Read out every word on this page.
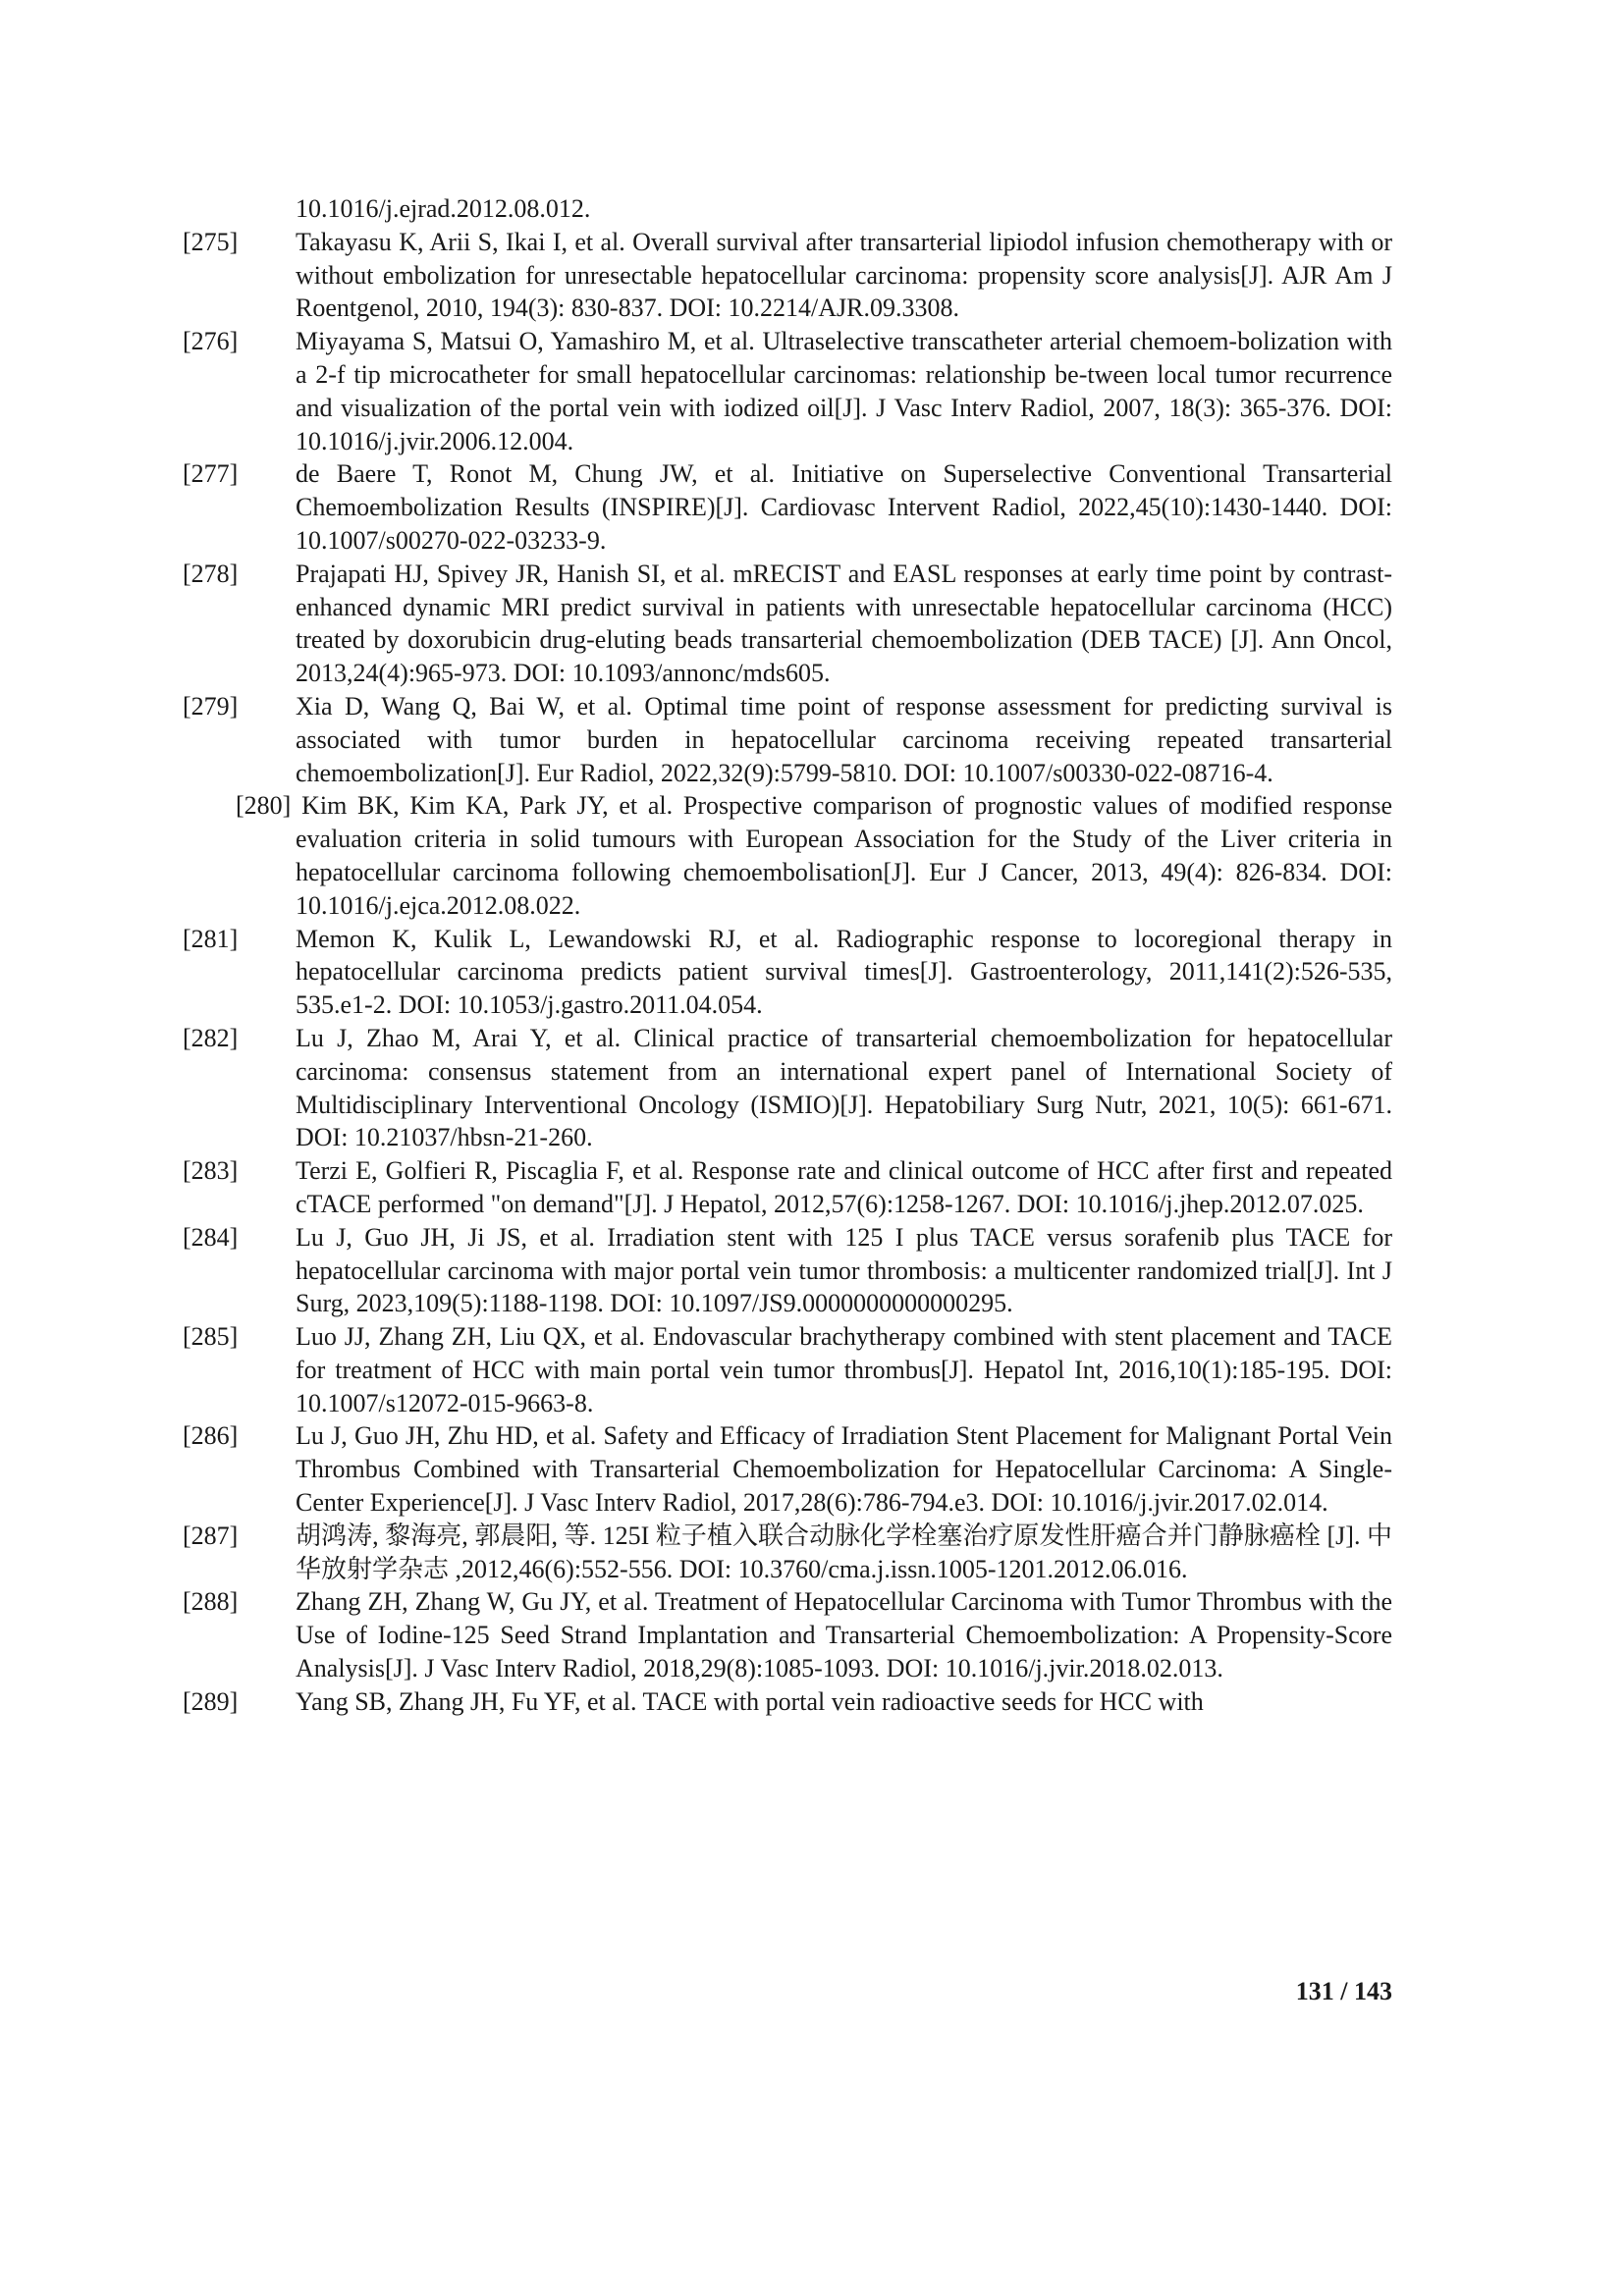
10.1016/j.ejrad.2012.08.012.
[275]	Takayasu K, Arii S, Ikai I, et al. Overall survival after transarterial lipiodol infusion chemotherapy with or without embolization for unresectable hepatocellular carcinoma: propensity score analysis[J]. AJR Am J Roentgenol, 2010, 194(3): 830-837. DOI: 10.2214/AJR.09.3308.
[276]	Miyayama S, Matsui O, Yamashiro M, et al. Ultraselective transcatheter arterial chemoem-bolization with a 2-f tip microcatheter for small hepatocellular carcinomas: relationship be-tween local tumor recurrence and visualization of the portal vein with iodized oil[J]. J Vasc Interv Radiol, 2007, 18(3): 365-376. DOI: 10.1016/j.jvir.2006.12.004.
[277]	de Baere T, Ronot M, Chung JW, et al. Initiative on Superselective Conventional Transarterial Chemoembolization Results (INSPIRE)[J]. Cardiovasc Intervent Radiol, 2022,45(10):1430-1440. DOI: 10.1007/s00270-022-03233-9.
[278]	Prajapati HJ, Spivey JR, Hanish SI, et al. mRECIST and EASL responses at early time point by contrast-enhanced dynamic MRI predict survival in patients with unresectable hepatocellular carcinoma (HCC) treated by doxorubicin drug-eluting beads transarterial chemoembolization (DEB TACE) [J]. Ann Oncol, 2013,24(4):965-973. DOI: 10.1093/annonc/mds605.
[279]	Xia D, Wang Q, Bai W, et al. Optimal time point of response assessment for predicting survival is associated with tumor burden in hepatocellular carcinoma receiving repeated transarterial chemoembolization[J]. Eur Radiol, 2022,32(9):5799-5810. DOI: 10.1007/s00330-022-08716-4.
[280] Kim BK, Kim KA, Park JY, et al. Prospective comparison of prognostic values of modified response evaluation criteria in solid tumours with European Association for the Study of the Liver criteria in hepatocellular carcinoma following chemoembolisation[J]. Eur J Cancer, 2013, 49(4): 826-834. DOI: 10.1016/j.ejca.2012.08.022.
[281]	Memon K, Kulik L, Lewandowski RJ, et al. Radiographic response to locoregional therapy in hepatocellular carcinoma predicts patient survival times[J]. Gastroenterology, 2011,141(2):526-535, 535.e1-2. DOI: 10.1053/j.gastro.2011.04.054.
[282]	Lu J, Zhao M, Arai Y, et al. Clinical practice of transarterial chemoembolization for hepatocellular carcinoma: consensus statement from an international expert panel of International Society of Multidisciplinary Interventional Oncology (ISMIO)[J]. Hepatobiliary Surg Nutr, 2021, 10(5): 661-671. DOI: 10.21037/hbsn-21-260.
[283]	Terzi E, Golfieri R, Piscaglia F, et al. Response rate and clinical outcome of HCC after first and repeated cTACE performed "on demand"[J]. J Hepatol, 2012,57(6):1258-1267. DOI: 10.1016/j.jhep.2012.07.025.
[284]	Lu J, Guo JH, Ji JS, et al. Irradiation stent with 125 I plus TACE versus sorafenib plus TACE for hepatocellular carcinoma with major portal vein tumor thrombosis: a multicenter randomized trial[J]. Int J Surg, 2023,109(5):1188-1198. DOI: 10.1097/JS9.0000000000000295.
[285]	Luo JJ, Zhang ZH, Liu QX, et al. Endovascular brachytherapy combined with stent placement and TACE for treatment of HCC with main portal vein tumor thrombus[J]. Hepatol Int, 2016,10(1):185-195. DOI: 10.1007/s12072-015-9663-8.
[286]	Lu J, Guo JH, Zhu HD, et al. Safety and Efficacy of Irradiation Stent Placement for Malignant Portal Vein Thrombus Combined with Transarterial Chemoembolization for Hepatocellular Carcinoma: A Single-Center Experience[J]. J Vasc Interv Radiol, 2017,28(6):786-794.e3. DOI: 10.1016/j.jvir.2017.02.014.
[287]	胡鸿涛, 黎海亮, 郭晨阳, 等. 125I 粒子植入联合动脉化学栓塞治疗原发性肝癌合并门静脉癌栓 [J]. 中华放射学杂志 ,2012,46(6):552-556. DOI: 10.3760/cma.j.issn.1005-1201.2012.06.016.
[288]	Zhang ZH, Zhang W, Gu JY, et al. Treatment of Hepatocellular Carcinoma with Tumor Thrombus with the Use of Iodine-125 Seed Strand Implantation and Transarterial Chemoembolization: A Propensity-Score Analysis[J]. J Vasc Interv Radiol, 2018,29(8):1085-1093. DOI: 10.1016/j.jvir.2018.02.013.
[289]	Yang SB, Zhang JH, Fu YF, et al. TACE with portal vein radioactive seeds for HCC with
131 / 143
